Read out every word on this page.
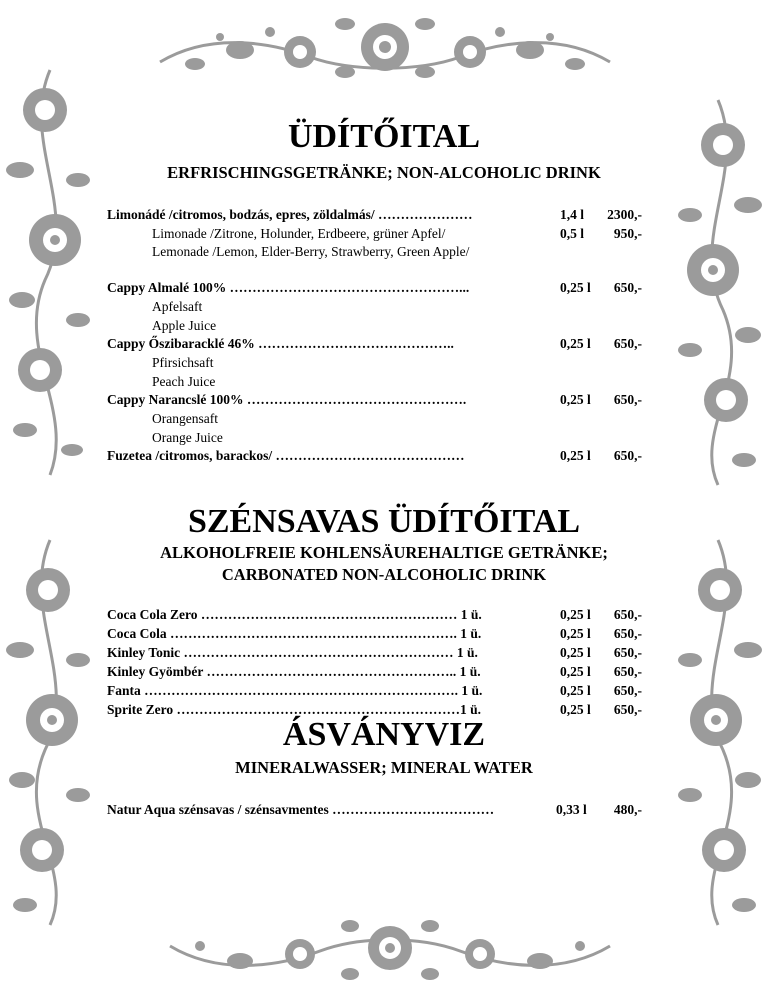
ÜDÍTŐITAL
ERFRISCHINGSGETRÄNKE; NON-ALCOHOLIC DRINK
Limonádé /citromos, bodzás, epres, zöldalmás/ …………………	1,4 l	2300,-
Limonade /Zitrone, Holunder, Erdbeere, grüner Apfel/	0,5 l	950,-
Lemonade /Lemon, Elder-Berry, Strawberry, Green Apple/
Cappy Almalé 100% ……………………………………………...	0,25 l	650,-
Apfelsaft
Apple Juice
Cappy Őszibaracklé 46% ……………………………………..	0,25 l	650,-
Pfirsichsaft
Peach Juice
Cappy Narancslé 100% ………………………………………….	0,25 l	650,-
Orangensaft
Orange Juice
Fuzetea /citromos, barackos/ ……………………………………	0,25 l	650,-
SZÉNSAVAS ÜDÍTŐITAL
ALKOHOLFREIE KOHLENSÄUREHALTIGE GETRÄNKE;
CARBONATED NON-ALCOHOLIC DRINK
Coca Cola Zero ………………………………………………… 1 ü.	0,25 l	650,-
Coca Cola ………………………………………………………. 1 ü.	0,25 l	650,-
Kinley Tonic …………………………………………………… 1 ü.	0,25 l	650,-
Kinley Gyömbér ……………………………………………….. 1 ü.	0,25 l	650,-
Fanta ……………………………………………………………. 1 ü.	0,25 l	650,-
Sprite Zero ………………………………………………………1 ü.	0,25 l	650,-
ÁSVÁNYVIZ
MINERALWASSER; MINERAL WATER
Natur Aqua szénsavas / szénsavmentes ………………………………	0,33 l	480,-
